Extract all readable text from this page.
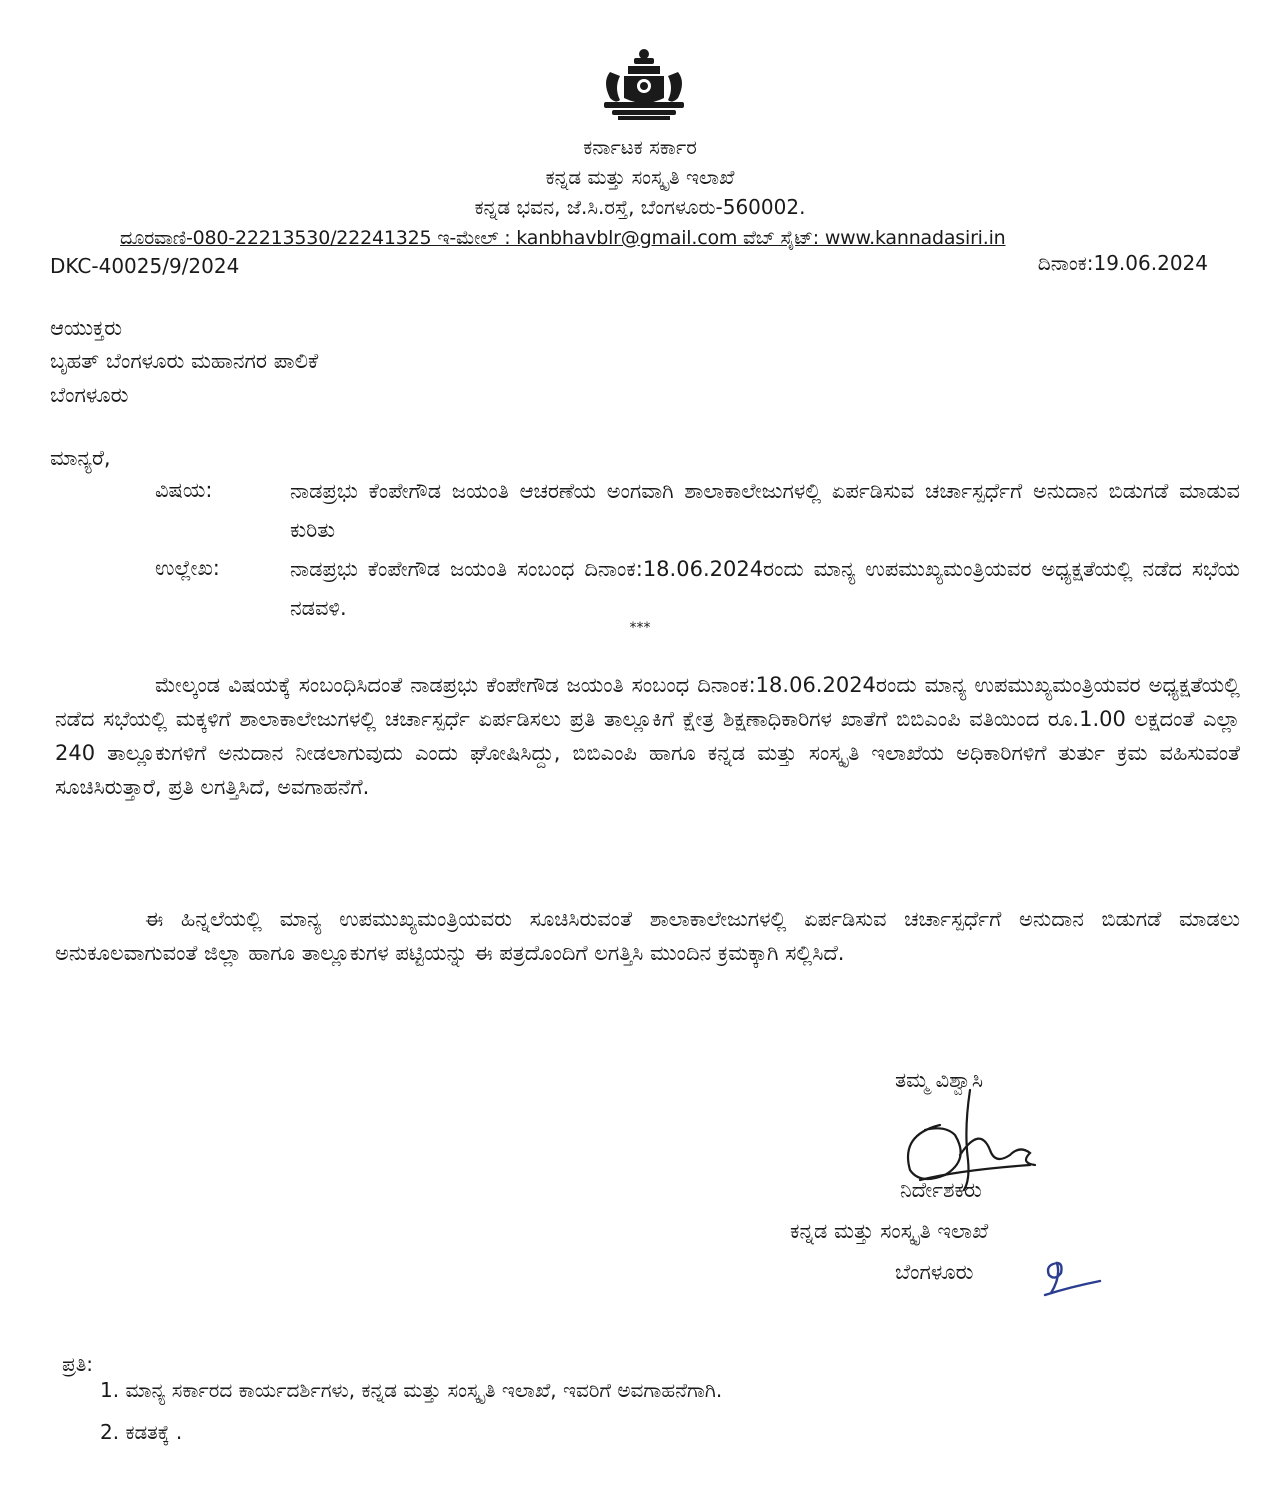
ಕರ್ನಾಟಕ ಸರ್ಕಾರ
ಕನ್ನಡ ಮತ್ತು ಸಂಸ್ಕೃತಿ ಇಲಾಖೆ
ಕನ್ನಡ ಭವನ, ಜೆ.ಸಿ.ರಸ್ತೆ, ಬೆಂಗಳೂರು-560002.
ದೂರವಾಣಿ-080-22213530/22241325 ಇ-ಮೇಲ್ : kanbhavblr@gmail.com ವೆಬ್ ಸೈಟ್: www.kannadasiri.in
DKC-40025/9/2024	ದಿನಾಂಕ:19.06.2024
ಆಯುಕ್ತರು
ಬೃಹತ್ ಬೆಂಗಳೂರು ಮಹಾನಗರ ಪಾಲಿಕೆ
ಬೆಂಗಳೂರು
ಮಾನ್ಯರೆ,
ವಿಷಯ:	ನಾಡಪ್ರಭು ಕೆಂಪೇಗೌಡ ಜಯಂತಿ ಆಚರಣೆಯ ಅಂಗವಾಗಿ ಶಾಲಾಕಾಲೇಜುಗಳಲ್ಲಿ ಏರ್ಪಡಿಸುವ ಚರ್ಚಾಸ್ಪರ್ಧೆಗೆ ಅನುದಾನ ಬಿಡುಗಡೆ ಮಾಡುವ ಕುರಿತು
ಉಲ್ಲೇಖ:	ನಾಡಪ್ರಭು ಕೆಂಪೇಗೌಡ ಜಯಂತಿ ಸಂಬಂಧ ದಿನಾಂಕ:18.06.2024ರಂದು ಮಾನ್ಯ ಉಪಮುಖ್ಯಮಂತ್ರಿಯವರ ಅಧ್ಯಕ್ಷತೆಯಲ್ಲಿ ನಡೆದ ಸಭೆಯ ನಡವಳಿ.
***
ಮೇಲ್ಕಂಡ ವಿಷಯಕ್ಕೆ ಸಂಬಂಧಿಸಿದಂತೆ ನಾಡಪ್ರಭು ಕೆಂಪೇಗೌಡ ಜಯಂತಿ ಸಂಬಂಧ ದಿನಾಂಕ:18.06.2024ರಂದು ಮಾನ್ಯ ಉಪಮುಖ್ಯಮಂತ್ರಿಯವರ ಅಧ್ಯಕ್ಷತೆಯಲ್ಲಿ ನಡೆದ ಸಭೆಯಲ್ಲಿ ಮಕ್ಕಳಿಗೆ ಶಾಲಾಕಾಲೇಜುಗಳಲ್ಲಿ ಚರ್ಚಾಸ್ಪರ್ಧೆ ಏರ್ಪಡಿಸಲು ಪ್ರತಿ ತಾಲ್ಲೂಕಿಗೆ ಕ್ಷೇತ್ರ ಶಿಕ್ಷಣಾಧಿಕಾರಿಗಳ ಖಾತೆಗೆ ಬಿಬಿಎಂಪಿ ವತಿಯಿಂದ ರೂ.1.00 ಲಕ್ಷದಂತೆ ಎಲ್ಲಾ 240 ತಾಲ್ಲೂಕುಗಳಿಗೆ ಅನುದಾನ ನೀಡಲಾಗುವುದು ಎಂದು ಘೋಷಿಸಿದ್ದು, ಬಿಬಿಎಂಪಿ ಹಾಗೂ ಕನ್ನಡ ಮತ್ತು ಸಂಸ್ಕೃತಿ ಇಲಾಖೆಯ ಅಧಿಕಾರಿಗಳಿಗೆ ತುರ್ತು ಕ್ರಮ ವಹಿಸುವಂತೆ ಸೂಚಿಸಿರುತ್ತಾರೆ, ಪ್ರತಿ ಲಗತ್ತಿಸಿದೆ, ಅವಗಾಹನೆಗೆ.
ಈ ಹಿನ್ನಲೆಯಲ್ಲಿ ಮಾನ್ಯ ಉಪಮುಖ್ಯಮಂತ್ರಿಯವರು ಸೂಚಿಸಿರುವಂತೆ ಶಾಲಾಕಾಲೇಜುಗಳಲ್ಲಿ ಏರ್ಪಡಿಸುವ ಚರ್ಚಾಸ್ಪರ್ಧೆಗೆ ಅನುದಾನ ಬಿಡುಗಡೆ ಮಾಡಲು ಅನುಕೂಲವಾಗುವಂತೆ ಜಿಲ್ಲಾ ಹಾಗೂ ತಾಲ್ಲೂಕುಗಳ ಪಟ್ಟಿಯನ್ನು ಈ ಪತ್ರದೊಂದಿಗೆ ಲಗತ್ತಿಸಿ ಮುಂದಿನ ಕ್ರಮಕ್ಕಾಗಿ ಸಲ್ಲಿಸಿದೆ.
ತಮ್ಮ ವಿಶ್ವಾಸಿ
ನಿರ್ದೇಶಕರು
ಕನ್ನಡ ಮತ್ತು ಸಂಸ್ಕೃತಿ ಇಲಾಖೆ
ಬೆಂಗಳೂರು
ಪ್ರತಿ:
1. ಮಾನ್ಯ ಸರ್ಕಾರದ ಕಾರ್ಯದರ್ಶಿಗಳು, ಕನ್ನಡ ಮತ್ತು ಸಂಸ್ಕೃತಿ ಇಲಾಖೆ, ಇವರಿಗೆ ಅವಗಾಹನೆಗಾಗಿ.
2. ಕಡತಕ್ಕೆ .
